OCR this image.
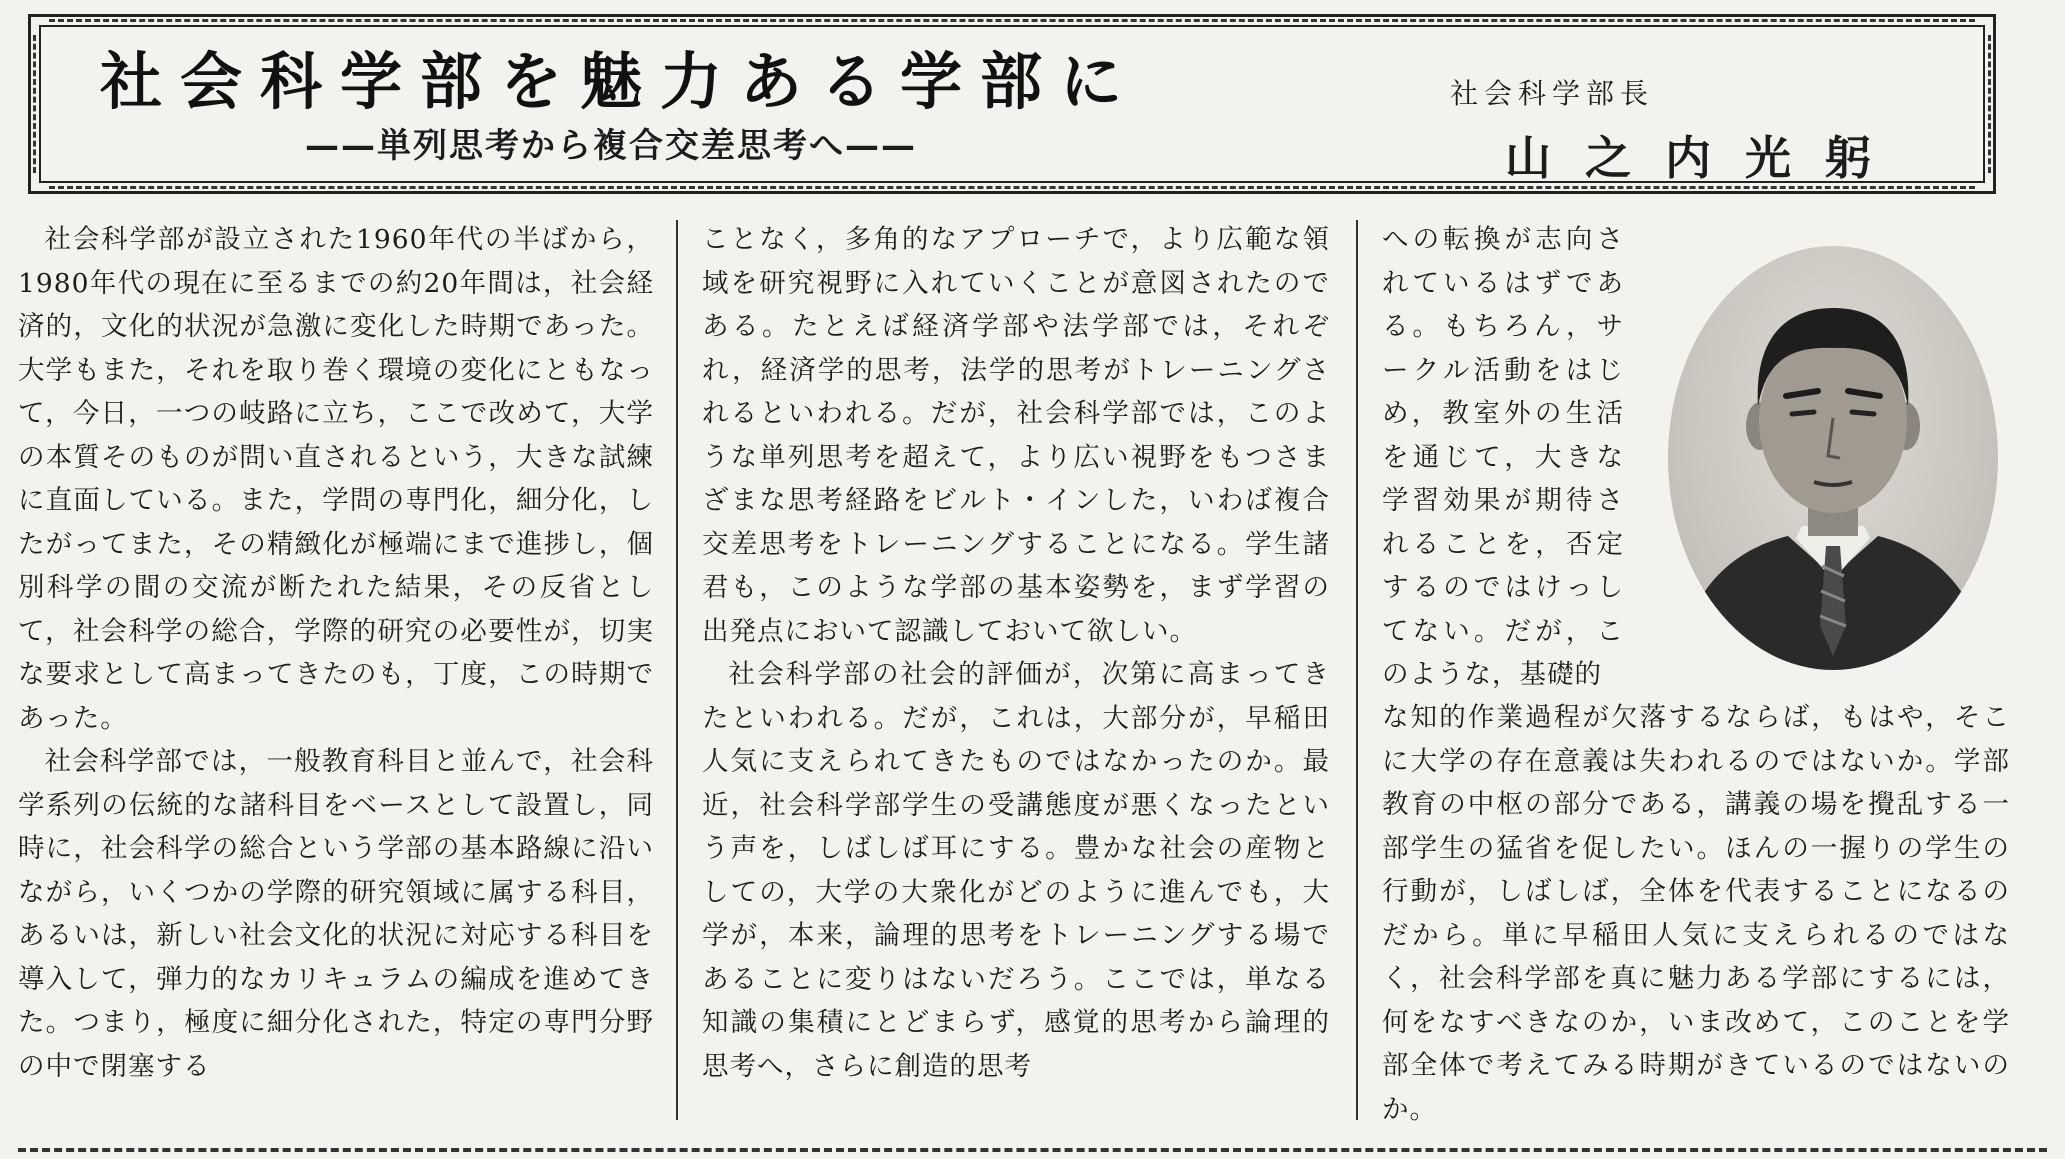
社会科学部を魅力ある学部に
——単列思考から複合交差思考へ——
社会科学部長
山之内光躬

社会科学部が設立された1960年代の半ばから，1980年代の現在に至るまでの約20年間は，社会経済的，文化的状況が急激に変化した時期であった。大学もまた，それを取り巻く環境の変化にともなって，今日，一つの岐路に立ち，ここで改めて，大学の本質そのものが問い直されるという，大きな試練に直面している。また，学問の専門化，細分化，したがってまた，その精緻化が極端にまで進捗し，個別科学の間の交流が断たれた結果，その反省として，社会科学の総合，学際的研究の必要性が，切実な要求として高まってきたのも，丁度，この時期であった。

社会科学部では，一般教育科目と並んで，社会科学系列の伝統的な諸科目をベースとして設置し，同時に，社会科学の総合という学部の基本路線に沿いながら，いくつかの学際的研究領域に属する科目，あるいは，新しい社会文化的状況に対応する科目を導入して，弾力的なカリキュラムの編成を進めてきた。つまり，極度に細分化された，特定の専門分野の中で閉塞する

ことなく，多角的なアプローチで，より広範な領域を研究視野に入れていくことが意図されたのである。たとえば経済学部や法学部では，それぞれ，経済学的思考，法学的思考がトレーニングされるといわれる。だが，社会科学部では，このような単列思考を超えて，より広い視野をもつさまざまな思考経路をビルト・インした，いわば複合交差思考をトレーニングすることになる。学生諸君も，このような学部の基本姿勢を，まず学習の出発点において認識しておいて欲しい。

社会科学部の社会的評価が，次第に高まってきたといわれる。だが，これは，大部分が，早稲田人気に支えられてきたものではなかったのか。最近，社会科学部学生の受講態度が悪くなったという声を，しばしば耳にする。豊かな社会の産物としての，大学の大衆化がどのように進んでも，大学が，本来，論理的思考をトレーニングする場であることに変りはないだろう。ここでは，単なる知識の集積にとどまらず，感覚的思考から論理的思考へ，さらに創造的思考

への転換が志向されているはずである。もちろん，サークル活動をはじめ，教室外の生活を通じて，大きな学習効果が期待されることを，否定するのではけっしてない。だが，このような，基礎的

な知的作業過程が欠落するならば，もはや，そこに大学の存在意義は失われるのではないか。学部教育の中枢の部分である，講義の場を攪乱する一部学生の猛省を促したい。ほんの一握りの学生の行動が，しばしば，全体を代表することになるのだから。単に早稲田人気に支えられるのではなく，社会科学部を真に魅力ある学部にするには，何をなすべきなのか，いま改めて，このことを学部全体で考えてみる時期がきているのではないのか。
